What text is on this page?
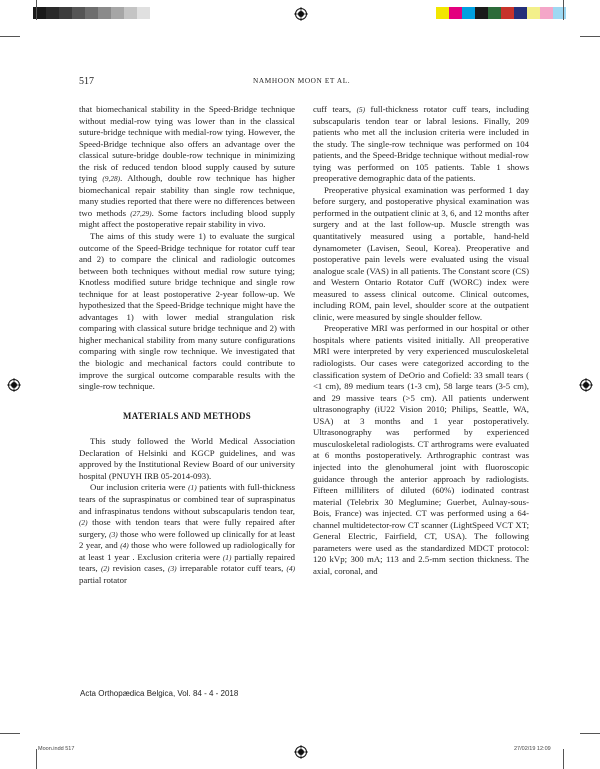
517	NAMHOON MOON ET AL.

that biomechanical stability in the Speed-Bridge technique without medial-row tying was lower than in the classical suture-bridge technique with medial-row tying. However, the Speed-Bridge technique also offers an advantage over the classical suture-bridge double-row technique in minimizing the risk of reduced tendon blood supply caused by suture tying (9,28). Although, double row technique has higher biomechanical repair stability than single row technique, many studies reported that there were no differences between two methods (27,29). Some factors including blood supply might affect the postoperative repair stability in vivo.

The aims of this study were 1) to evaluate the surgical outcome of the Speed-Bridge technique for rotator cuff tear and 2) to compare the clinical and radiologic outcomes between both techniques without medial row suture tying; Knotless modified suture bridge technique and single row technique for at least postoperative 2-year follow-up. We hypothesized that the Speed-Bridge technique might have the advantages 1) with lower medial strangulation risk comparing with classical suture bridge technique and 2) with higher mechanical stability from many suture configurations comparing with single row technique. We investigated that the biologic and mechanical factors could contribute to improve the surgical outcome comparable results with the single-row technique.

MATERIALS AND METHODS

This study followed the World Medical Association Declaration of Helsinki and KGCP guidelines, and was approved by the Institutional Review Board of our university hospital (PNUYH IRB 05-2014-093).

Our inclusion criteria were (1) patients with full-thickness tears of the supraspinatus or combined tear of supraspinatus and infraspinatus tendons without subscapularis tendon tear, (2) those with tendon tears that were fully repaired after surgery, (3) those who were followed up clinically for at least 2 year, and (4) those who were followed up radiologically for at least 1 year . Exclusion criteria were (1) partially repaired tears, (2) revision cases, (3) irreparable rotator cuff tears, (4) partial rotator

cuff tears, (5) full-thickness rotator cuff tears, including subscapularis tendon tear or labral lesions. Finally, 209 patients who met all the inclusion criteria were included in the study. The single-row technique was performed on 104 patients, and the Speed-Bridge technique without medial-row tying was performed on 105 patients. Table 1 shows preoperative demographic data of the patients.

Preoperative physical examination was performed 1 day before surgery, and postoperative physical examination was performed in the outpatient clinic at 3, 6, and 12 months after surgery and at the last follow-up. Muscle strength was quantitatively measured using a portable, hand-held dynamometer (Lavisen, Seoul, Korea). Preoperative and postoperative pain levels were evaluated using the visual analogue scale (VAS) in all patients. The Constant score (CS) and Western Ontario Rotator Cuff (WORC) index were measured to assess clinical outcome. Clinical outcomes, including ROM, pain level, shoulder score at the outpatient clinic, were measured by single shoulder fellow.

Preoperative MRI was performed in our hospital or other hospitals where patients visited initially. All preoperative MRI were interpreted by very experienced musculoskeletal radiologists. Our cases were categorized according to the classification system of DeOrio and Cofield: 33 small tears ( <1 cm), 89 medium tears (1-3 cm), 58 large tears (3-5 cm), and 29 massive tears (>5 cm). All patients underwent ultrasonography (iU22 Vision 2010; Philips, Seattle, WA, USA) at 3 months and 1 year postoperatively. Ultrasonography was performed by experienced musculoskeletal radiologists. CT arthrograms were evaluated at 6 months postoperatively. Arthrographic contrast was injected into the glenohumeral joint with fluoroscopic guidance through the anterior approach by radiologists. Fifteen milliliters of diluted (60%) iodinated contrast material (Telebrix 30 Meglumine; Guerbet, Aulnay-sous-Bois, France) was injected. CT was performed using a 64-channel multidetector-row CT scanner (LightSpeed VCT XT; General Electric, Fairfield, CT, USA). The following parameters were used as the standardized MDCT protocol: 120 kVp; 300 mA; 113 and 2.5-mm section thickness. The axial, coronal, and

Acta Orthopædica Belgica, Vol. 84 - 4 - 2018
Moon.indd 517	27/02/19 12:09
